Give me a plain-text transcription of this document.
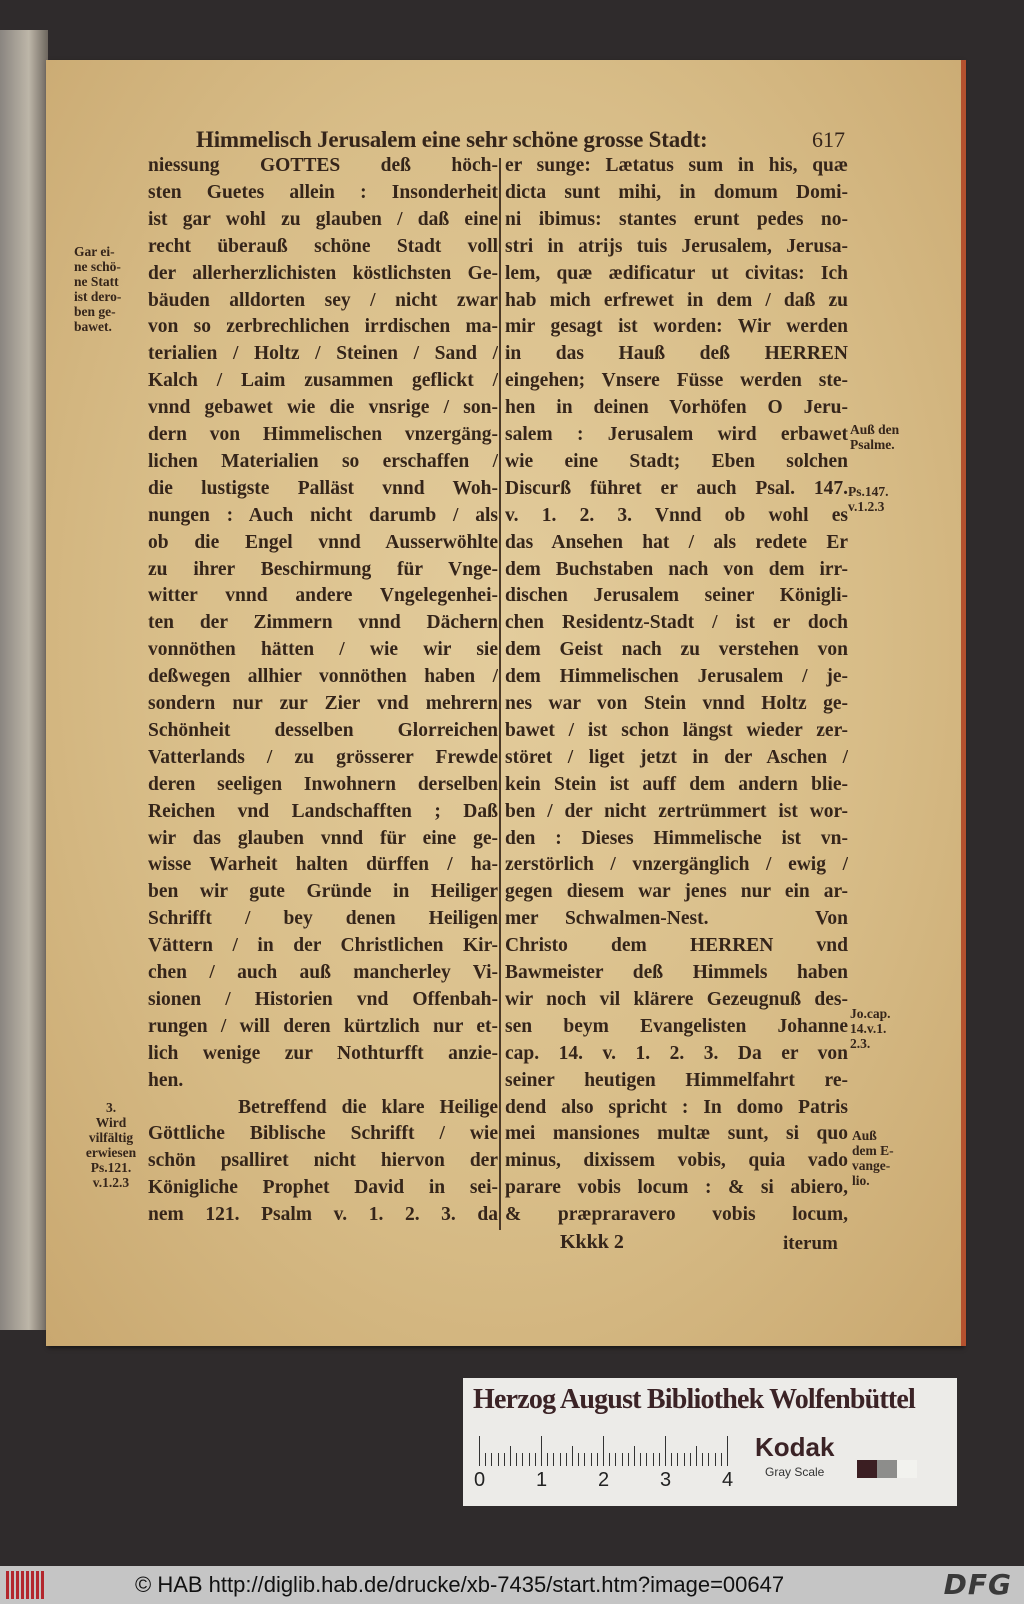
Himmelisch Jerusalem eine sehr schöne grosse Stadt:	617
niessung GOTTES deß höch-
sten Guetes allein : Insonderheit
ist gar wohl zu glauben / daß eine
recht überauß schöne Stadt voll
der allerherzlichisten köstlichsten Ge-
bäuden alldorten sey / nicht zwar
von so zerbrechlichen irrdischen ma-
terialien / Holtz / Steinen / Sand /
Kalch / Laim zusammen geflickt /
vnnd gebawet wie die vnsrige / son-
dern von Himmelischen vnzergäng-
lichen Materialien so erschaffen /
die lustigste Palläst vnnd Woh-
nungen : Auch nicht darumb / als
ob die Engel vnnd Ausserwöhlte
zu ihrer Beschirmung für Vnge-
witter vnnd andere Vngelegenhei-
ten der Zimmern vnnd Dächern
vonnöthen hätten / wie wir sie
deßwegen allhier vonnöthen haben /
sondern nur zur Zier vnd mehrern
Schönheit desselben Glorreichen
Vatterlands / zu grösserer Frewde
deren seeligen Inwohnern derselben
Reichen vnd Landschafften ; Daß
wir das glauben vnnd für eine ge-
wisse Warheit halten dürffen / ha-
ben wir gute Gründe in Heiliger
Schrifft / bey denen Heiligen
Vättern / in der Christlichen Kir-
chen / auch auß mancherley Vi-
sionen / Historien vnd Offenbah-
rungen / will deren kürtzlich nur et-
lich wenige zur Nothturfft anzie-
hen.
Betreffend die klare Heilige
Göttliche Biblische Schrifft / wie
schön psalliret nicht hiervon der
Königliche Prophet David in sei-
nem 121. Psalm v. 1. 2. 3. da
er sunge: Lætatus sum in his, quæ
dicta sunt mihi, in domum Domi-
ni ibimus: stantes erunt pedes no-
stri in atrijs tuis Jerusalem, Jerusa-
lem, quæ ædificatur ut civitas: Ich
hab mich erfrewet in dem / daß zu
mir gesagt ist worden: Wir werden
in das Hauß deß HERREN
eingehen; Vnsere Füsse werden ste-
hen in deinen Vorhöfen O Jeru-
salem : Jerusalem wird erbawet
wie eine Stadt; Eben solchen
Discurß führet er auch Psal. 147.
v. 1. 2. 3. Vnnd ob wohl es
das Ansehen hat / als redete Er
dem Buchstaben nach von dem irr-
dischen Jerusalem seiner Königli-
chen Residentz-Stadt / ist er doch
dem Geist nach zu verstehen von
dem Himmelischen Jerusalem / je-
nes war von Stein vnnd Holtz ge-
bawet / ist schon längst wieder zer-
störet / liget jetzt in der Aschen /
kein Stein ist auff dem andern blie-
ben / der nicht zertrümmert ist wor-
den : Dieses Himmelische ist vn-
zerstörlich / vnzergänglich / ewig /
gegen diesem war jenes nur ein ar-
mer Schwalmen-Nest.    Von
Christo dem HERREN vnd
Bawmeister deß Himmels haben
wir noch vil klärere Gezeugnuß des-
sen beym Evangelisten Johanne
cap. 14. v. 1. 2. 3. Da er von
seiner heutigen Himmelfahrt re-
dend also spricht : In domo Patris
mei mansiones multæ sunt, si quo
minus, dixissem vobis, quia vado
parare vobis locum : & si abiero,
& præpraravero vobis locum,
Gar ei-
ne schö-
ne Statt
ist dero-
ben ge-
bawet.
3.
Wird
vilfältig
erwiesen
Ps.121.
v.1.2.3
Auß den
Psalme.
Ps.147.
v.1.2.3
Jo.cap.
14.v.1.
2.3.
Auß
dem E-
vange-
lio.
Kkkk 2	iterum
Herzog August Bibliothek Wolfenbüttel
Kodak
Gray Scale
0	1	2	3	4
© HAB http://diglib.hab.de/drucke/xb-7435/start.htm?image=00647	DFG
